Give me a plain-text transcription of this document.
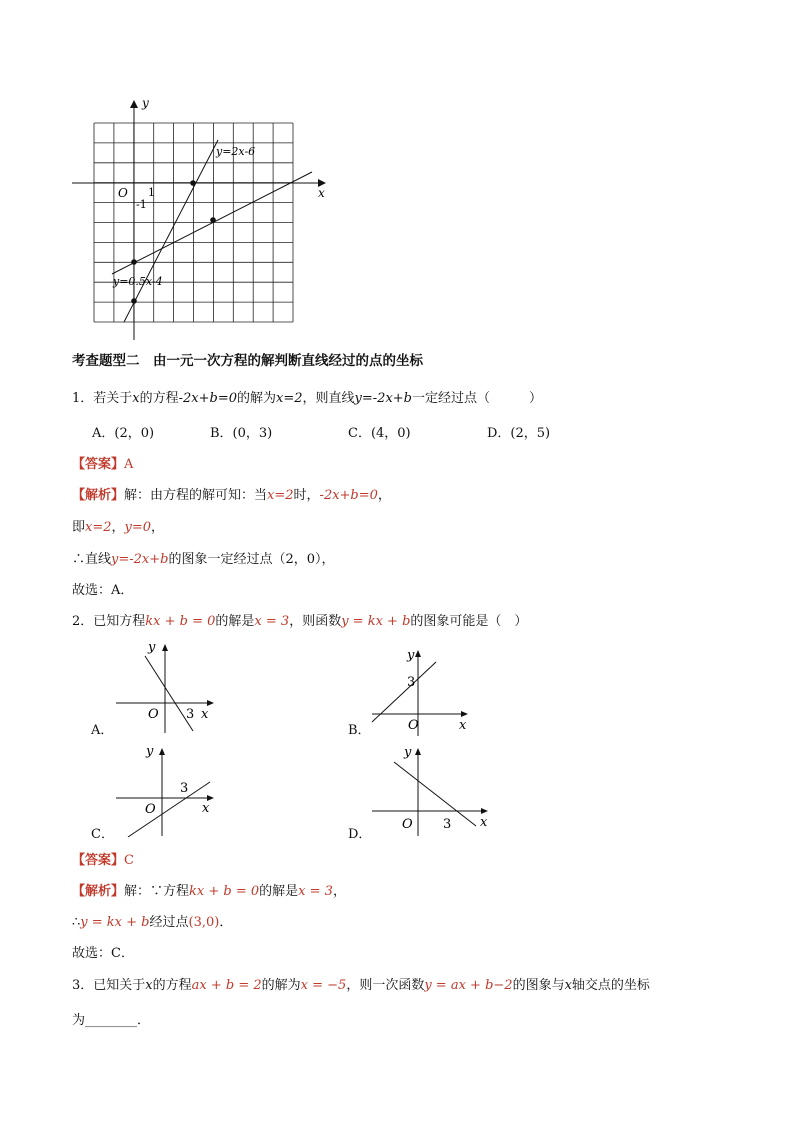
y
x
O 1
-1
y=2x-6
y=0.5x-4
考查题型二　由一元一次方程的解判断直线经过的点的坐标
1．若关于x的方程-2x+b=0的解为x=2，则直线y=-2x+b一定经过点（　　　）
A．(2，0)	B．(0，3)	C．(4，0)	D．(2，5)
【答案】A
【解析】解：由方程的解可知：当x=2时，-2x+b=0，
即x=2，y=0，
∴直线y=-2x+b的图象一定经过点（2，0），
故选：A．
2．已知方程kx + b = 0的解是x = 3，则函数y = kx + b的图象可能是（　）
y
x
O 3
A．
y
x
O
3
B．
y
x
O
3
C．
y
x
O 3
D．
【答案】C
【解析】解：∵方程kx + b = 0的解是x = 3，
∴y = kx + b经过点(3,0)．
故选：C．
3．已知关于x的方程ax + b = 2的解为x = −5，则一次函数y = ax + b−2的图象与x轴交点的坐标
为________．
